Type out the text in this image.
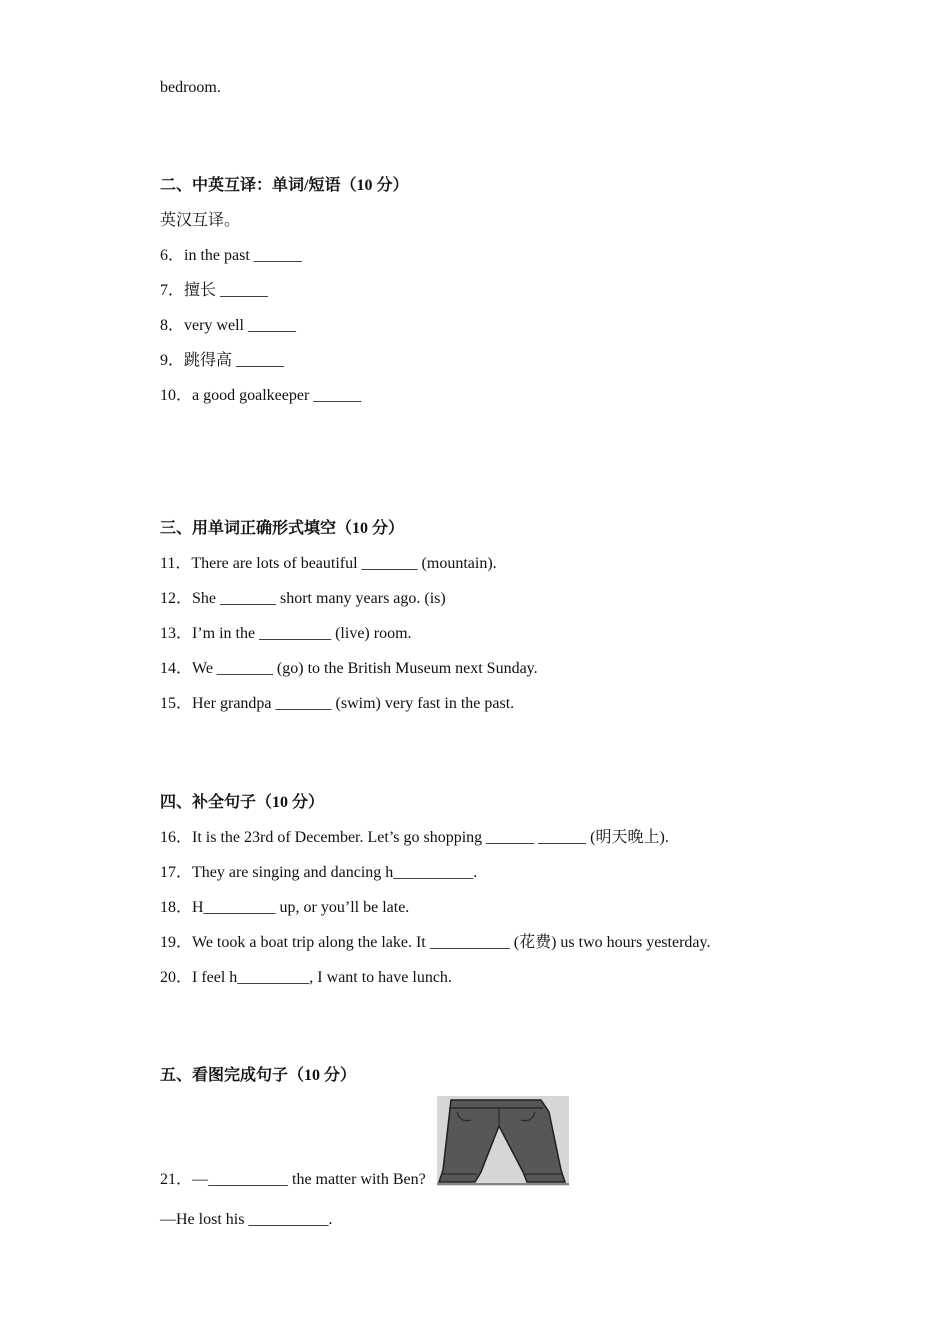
bedroom.
二、中英互译：单词/短语（10 分）
英汉互译。
6．in the past ______
7．擅长 ______
8．very well ______
9．跳得高 ______
10．a good goalkeeper ______
三、用单词正确形式填空（10 分）
11．There are lots of beautiful _______ (mountain).
12．She _______ short many years ago. (is)
13．I’m in the _________ (live) room.
14．We _______ (go) to the British Museum next Sunday.
15．Her grandpa _______ (swim) very fast in the past.
四、补全句子（10 分）
16．It is the 23rd of December. Let’s go shopping ______ ______ (明天晚上).
17．They are singing and dancing h__________.
18．H_________ up, or you’ll be late.
19．We took a boat trip along the lake. It __________ (花费) us two hours yesterday.
20．I feel h_________, I want to have lunch.
五、看图完成句子（10 分）
21．—__________ the matter with Ben?
—He lost his __________.
